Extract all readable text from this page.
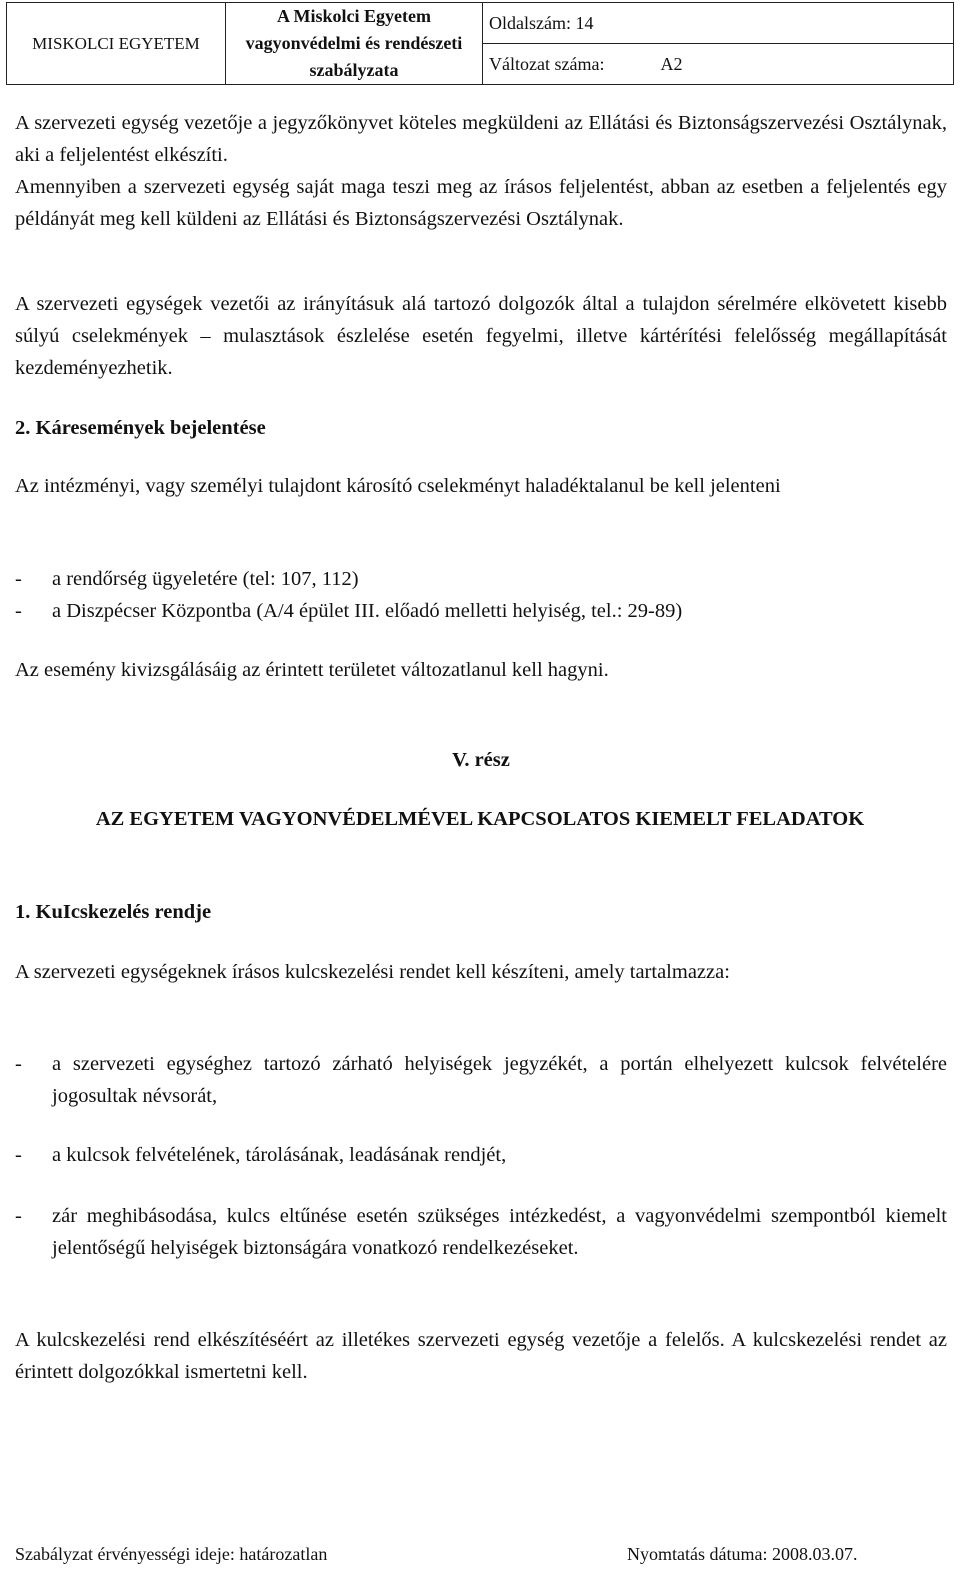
MISKOLCI EGYETEM	
A Miskolci Egyetem
vagyonvédelmi és rendészeti
szabályzata
	Oldalszám: 14

Változat száma:	A2

A szervezeti egység vezetője a jegyzőkönyvet köteles megküldeni az Ellátási és Biztonságszervezési Osztálynak, aki a feljelentést elkészíti.

Amennyiben a szervezeti egység saját maga teszi meg az írásos feljelentést, abban az esetben a feljelentés egy példányát meg kell küldeni az Ellátási és Biztonságszervezési Osztálynak.

A szervezeti egységek vezetői az irányításuk alá tartozó dolgozók által a tulajdon sérelmére elkövetett kisebb súlyú cselekmények – mulasztások észlelése esetén fegyelmi, illetve kártérítési felelősség megállapítását kezdeményezhetik.

2. Káresemények bejelentése

Az intézményi, vagy személyi tulajdont károsító cselekményt haladéktalanul be kell jelenteni

- a rendőrség ügyeletére (tel: 107, 112)
- a Diszpécser Központba (A/4 épület III. előadó melletti helyiség, tel.: 29-89)

Az esemény kivizsgálásáig az érintett területet változatlanul kell hagyni.

V. rész

AZ EGYETEM VAGYONVÉDELMÉVEL KAPCSOLATOS KIEMELT FELADATOK

1. KuIcskezelés rendje

A szervezeti egységeknek írásos kulcskezelési rendet kell készíteni, amely tartalmazza:

- a szervezeti egységhez tartozó zárható helyiségek jegyzékét, a portán elhelyezett kulcsok felvételére jogosultak névsorát,
- a kulcsok felvételének, tárolásának, leadásának rendjét,
- zár meghibásodása, kulcs eltűnése esetén szükséges intézkedést, a vagyonvédelmi szempontból kiemelt jelentőségű helyiségek biztonságára vonatkozó rendelkezéseket.

A kulcskezelési rend elkészítéséért az illetékes szervezeti egység vezetője a felelős. A kulcskezelési rendet az érintett dolgozókkal ismertetni kell.

Szabályzat érvényességi ideje: határozatlan	Nyomtatás dátuma: 2008.03.07.
